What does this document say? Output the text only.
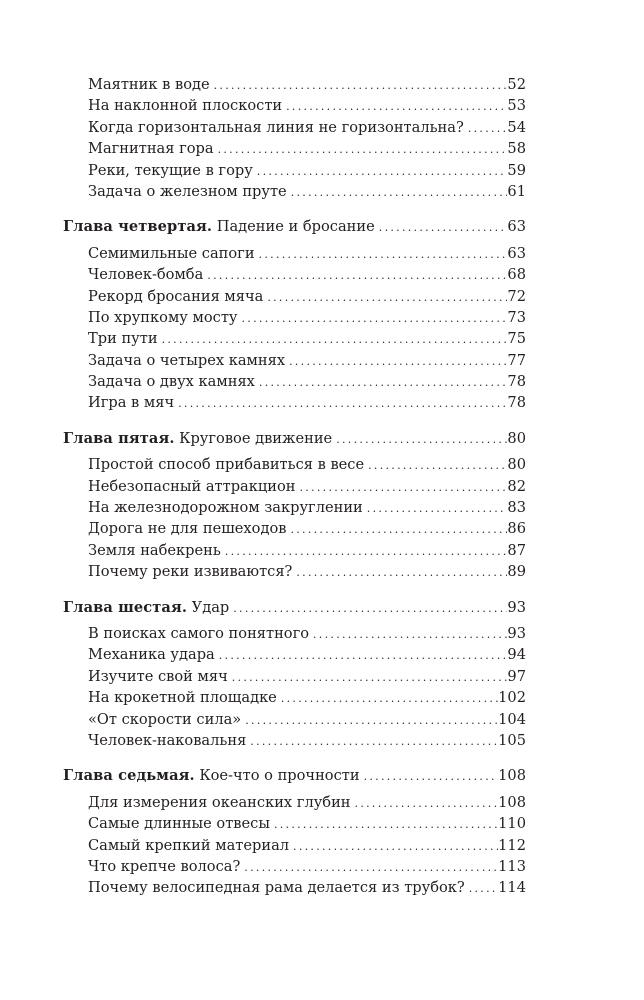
Маятник в воде . . .	52
На наклонной плоскости . . .	53
Когда горизонтальная линия не горизонтальна? . . .	54
Магнитная гора . . .	58
Реки, текущие в гору . . .	59
Задача о железном пруте . . .	61
Глава четвертая. Падение и бросание . . .	63
Семимильные сапоги . . .	63
Человек-бомба . . .	68
Рекорд бросания мяча . . .	72
По хрупкому мосту . . .	73
Три пути . . .	75
Задача о четырех камнях . . .	77
Задача о двух камнях . . .	78
Игра в мяч . . .	78
Глава пятая. Круговое движение . . .	80
Простой способ прибавиться в весе . . .	80
Небезопасный аттракцион . . .	82
На железнодорожном закруглении . . .	83
Дорога не для пешеходов . . .	86
Земля набекрень . . .	87
Почему реки извиваются? . . .	89
Глава шестая. Удар . . .	93
В поисках самого понятного . . .	93
Механика удара . . .	94
Изучите свой мяч . . .	97
На крокетной площадке . . .	102
«От скорости сила» . . .	104
Человек-наковальня . . .	105
Глава седьмая. Кое-что о прочности . . .	108
Для измерения океанских глубин . . .	108
Самые длинные отвесы . . .	110
Самый крепкий материал . . .	112
Что крепче волоса? . . .	113
Почему велосипедная рама делается из трубок? . . . 114
